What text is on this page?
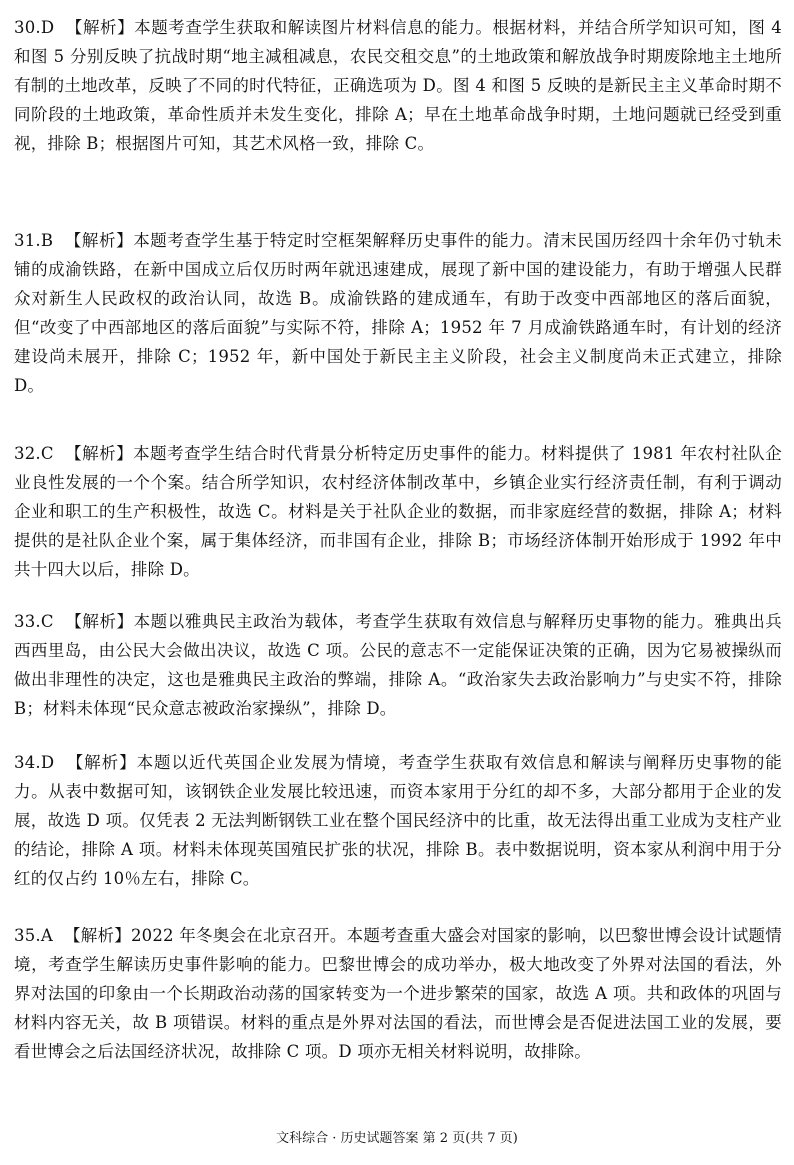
30.D 【解析】本题考查学生获取和解读图片材料信息的能力。根据材料，并结合所学知识可知，图 4 和图 5 分别反映了抗战时期“地主减租减息，农民交租交息”的土地政策和解放战争时期废除地主土地所有制的土地改革，反映了不同的时代特征，正确选项为 D。图 4 和图 5 反映的是新民主主义革命时期不同阶段的土地政策，革命性质并未发生变化，排除 A；早在土地革命战争时期，土地问题就已经受到重视，排除 B；根据图片可知，其艺术风格一致，排除 C。
31.B 【解析】本题考查学生基于特定时空框架解释历史事件的能力。清末民国历经四十余年仍寸轨未铺的成渝铁路，在新中国成立后仅历时两年就迅速建成，展现了新中国的建设能力，有助于增强人民群众对新生人民政权的政治认同，故选 B。成渝铁路的建成通车，有助于改变中西部地区的落后面貌，但“改变了中西部地区的落后面貌”与实际不符，排除 A；1952 年 7 月成渝铁路通车时，有计划的经济建设尚未展开，排除 C；1952 年，新中国处于新民主主义阶段，社会主义制度尚未正式建立，排除 D。
32.C 【解析】本题考查学生结合时代背景分析特定历史事件的能力。材料提供了 1981 年农村社队企业良性发展的一个个案。结合所学知识，农村经济体制改革中，乡镇企业实行经济责任制，有利于调动企业和职工的生产积极性，故选 C。材料是关于社队企业的数据，而非家庭经营的数据，排除 A；材料提供的是社队企业个案，属于集体经济，而非国有企业，排除 B；市场经济体制开始形成于 1992 年中共十四大以后，排除 D。
33.C 【解析】本题以雅典民主政治为载体，考查学生获取有效信息与解释历史事物的能力。雅典出兵西西里岛，由公民大会做出决议，故选 C 项。公民的意志不一定能保证决策的正确，因为它易被操纵而做出非理性的决定，这也是雅典民主政治的弊端，排除 A。“政治家失去政治影响力”与史实不符，排除 B；材料未体现“民众意志被政治家操纵”，排除 D。
34.D 【解析】本题以近代英国企业发展为情境，考查学生获取有效信息和解读与阐释历史事物的能力。从表中数据可知，该钢铁企业发展比较迅速，而资本家用于分红的却不多，大部分都用于企业的发展，故选 D 项。仅凭表 2 无法判断钢铁工业在整个国民经济中的比重，故无法得出重工业成为支柱产业的结论，排除 A 项。材料未体现英国殖民扩张的状况，排除 B。表中数据说明，资本家从利润中用于分红的仅占约 10％左右，排除 C。
35.A 【解析】2022 年冬奥会在北京召开。本题考查重大盛会对国家的影响，以巴黎世博会设计试题情境，考查学生解读历史事件影响的能力。巴黎世博会的成功举办，极大地改变了外界对法国的看法，外界对法国的印象由一个长期政治动荡的国家转变为一个进步繁荣的国家，故选 A 项。共和政体的巩固与材料内容无关，故 B 项错误。材料的重点是外界对法国的看法，而世博会是否促进法国工业的发展，要看世博会之后法国经济状况，故排除 C 项。D 项亦无相关材料说明，故排除。
文科综合 · 历史试题答案 第 2 页(共 7 页)
